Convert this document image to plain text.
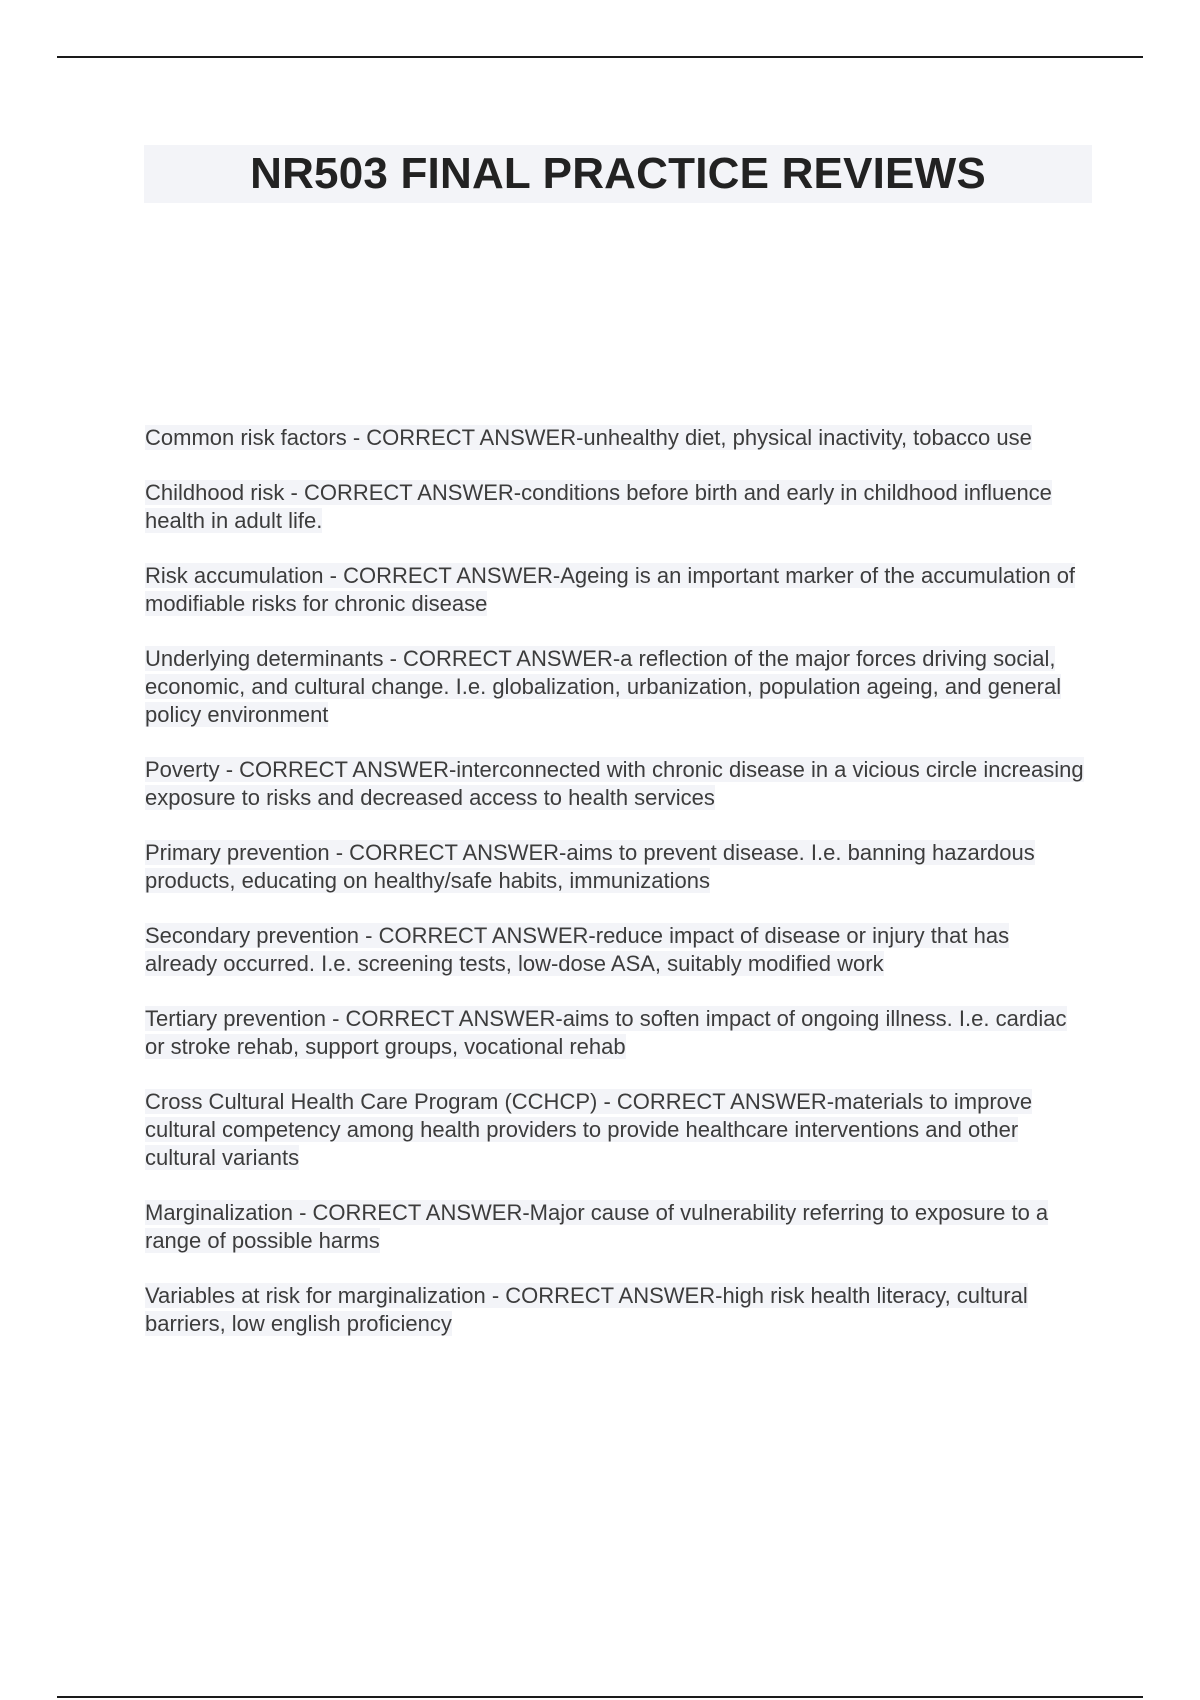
NR503 FINAL PRACTICE REVIEWS

Common risk factors - CORRECT ANSWER-unhealthy diet, physical inactivity, tobacco use

Childhood risk - CORRECT ANSWER-conditions before birth and early in childhood influence health in adult life.

Risk accumulation - CORRECT ANSWER-Ageing is an important marker of the accumulation of modifiable risks for chronic disease

Underlying determinants - CORRECT ANSWER-a reflection of the major forces driving social, economic, and cultural change. I.e. globalization, urbanization, population ageing, and general policy environment

Poverty - CORRECT ANSWER-interconnected with chronic disease in a vicious circle increasing exposure to risks and decreased access to health services

Primary prevention - CORRECT ANSWER-aims to prevent disease. I.e. banning hazardous products, educating on healthy/safe habits, immunizations

Secondary prevention - CORRECT ANSWER-reduce impact of disease or injury that has already occurred. I.e. screening tests, low-dose ASA, suitably modified work

Tertiary prevention - CORRECT ANSWER-aims to soften impact of ongoing illness. I.e. cardiac or stroke rehab, support groups, vocational rehab

Cross Cultural Health Care Program (CCHCP) - CORRECT ANSWER-materials to improve cultural competency among health providers to provide healthcare interventions and other cultural variants

Marginalization - CORRECT ANSWER-Major cause of vulnerability referring to exposure to a range of possible harms

Variables at risk for marginalization - CORRECT ANSWER-high risk health literacy, cultural barriers, low english proficiency
